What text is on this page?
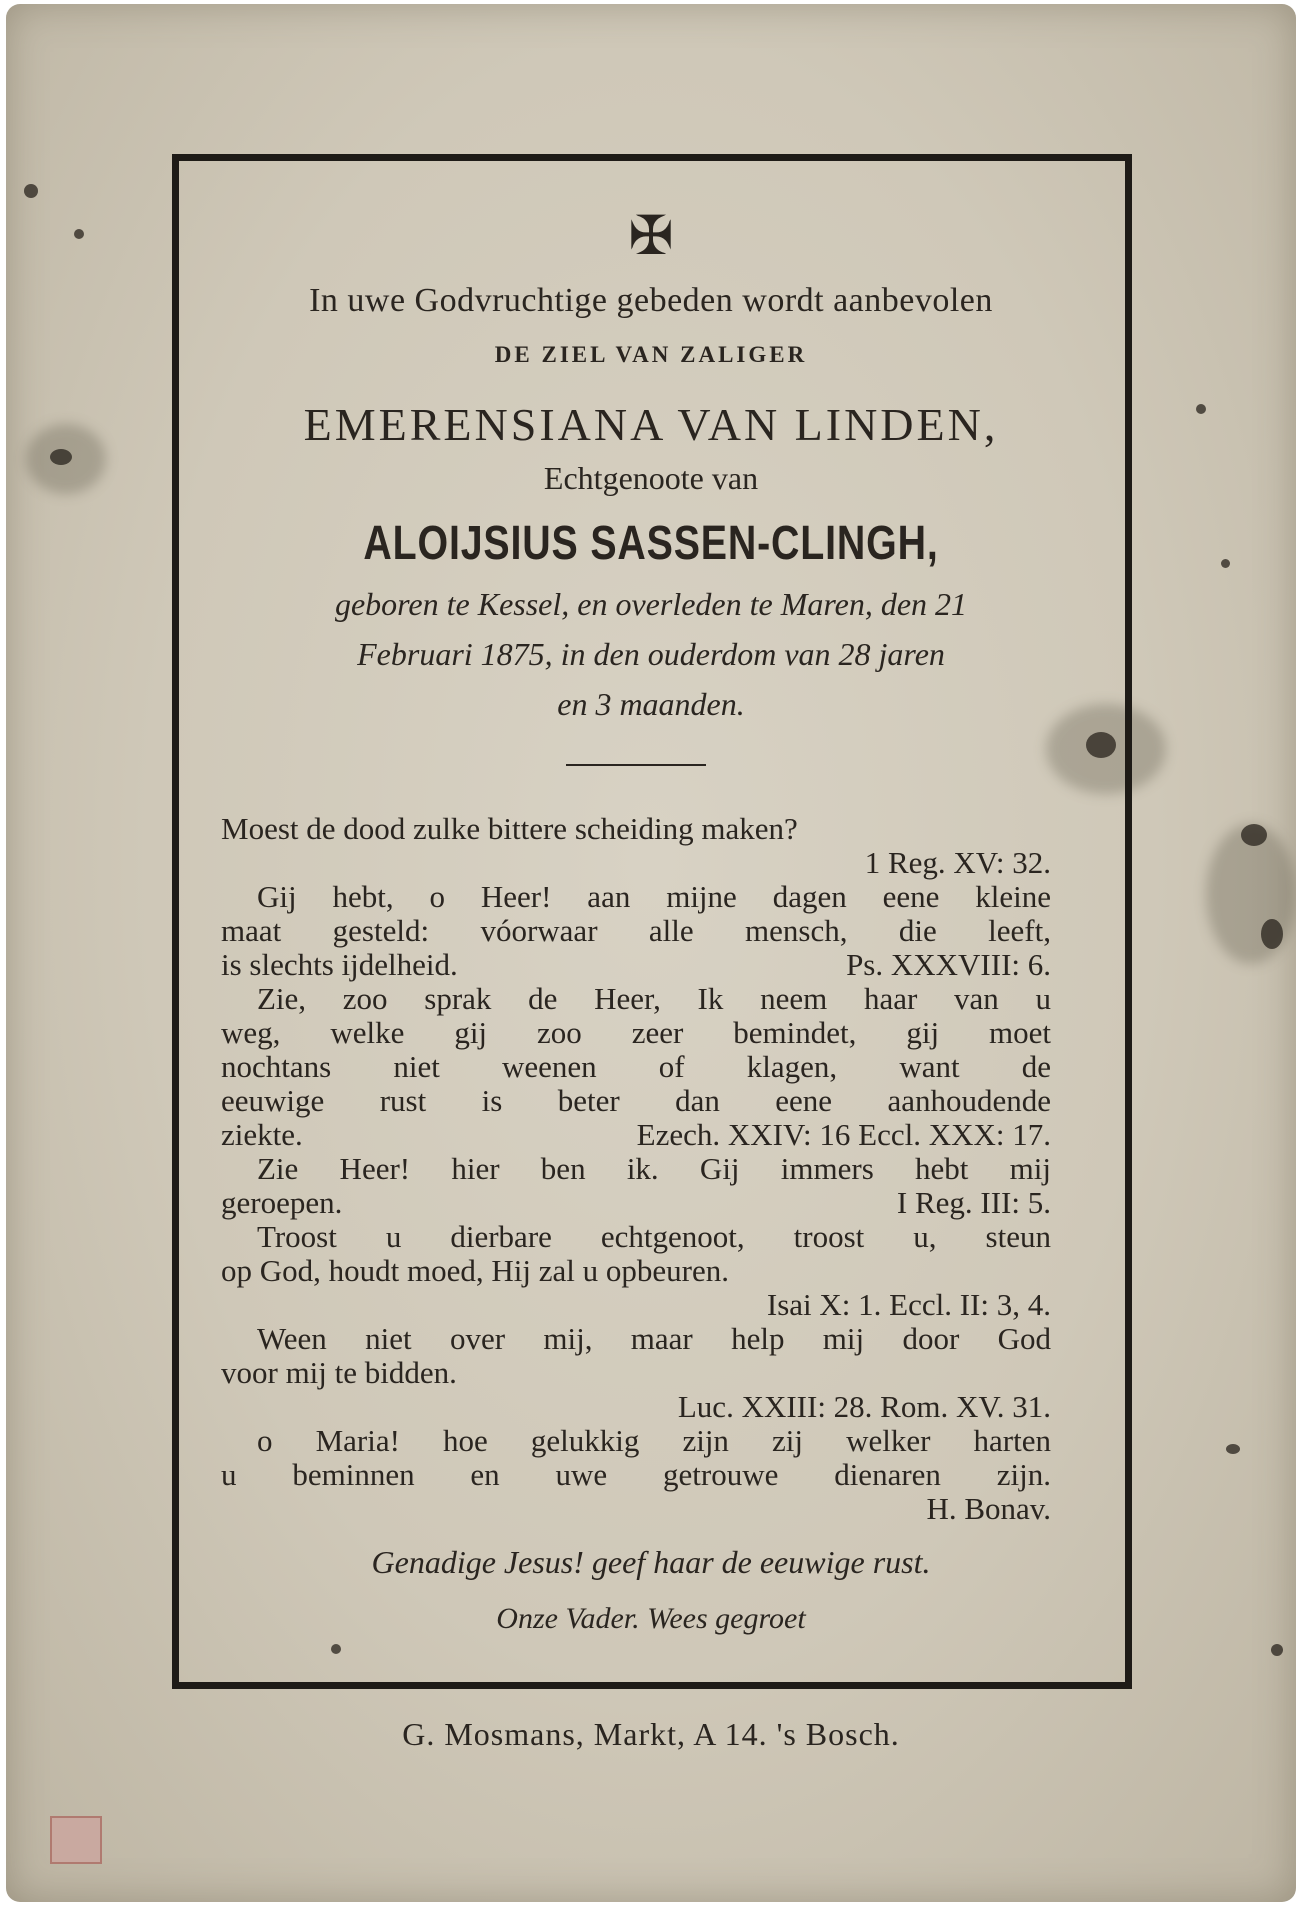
✠
In uwe Godvruchtige gebeden wordt aanbevolen
DE ZIEL VAN ZALIGER
EMERENSIANA VAN LINDEN,
Echtgenoote van
ALOIJSIUS SASSEN-CLINGH,
geboren te Kessel, en overleden te Maren, den 21
Februari 1875, in den ouderdom van 28 jaren
en 3 maanden.
Moest de dood zulke bittere scheiding maken?
1 Reg. XV: 32.
Gij hebt, o Heer! aan mijne dagen eene kleine
maat gesteld: vóorwaar alle mensch, die leeft,
is slechts ijdelheid.	Ps. XXXVIII: 6.
Zie, zoo sprak de Heer, Ik neem haar van u
weg, welke gij zoo zeer bemindet, gij moet
nochtans niet weenen of klagen, want de
eeuwige rust is beter dan eene aanhoudende
ziekte.	Ezech. XXIV: 16 Eccl. XXX: 17.
Zie Heer! hier ben ik. Gij immers hebt mij
geroepen.	I Reg. III: 5.
Troost u dierbare echtgenoot, troost u, steun
op God, houdt moed, Hij zal u opbeuren.
Isai X: 1. Eccl. II: 3, 4.
Ween niet over mij, maar help mij door God
voor mij te bidden.
Luc. XXIII: 28. Rom. XV. 31.
o Maria! hoe gelukkig zijn zij welker harten
u beminnen en uwe getrouwe dienaren zijn.
H. Bonav.
Genadige Jesus! geef haar de eeuwige rust.
Onze Vader. Wees gegroet
G. Mosmans, Markt, A 14. 's Bosch.
